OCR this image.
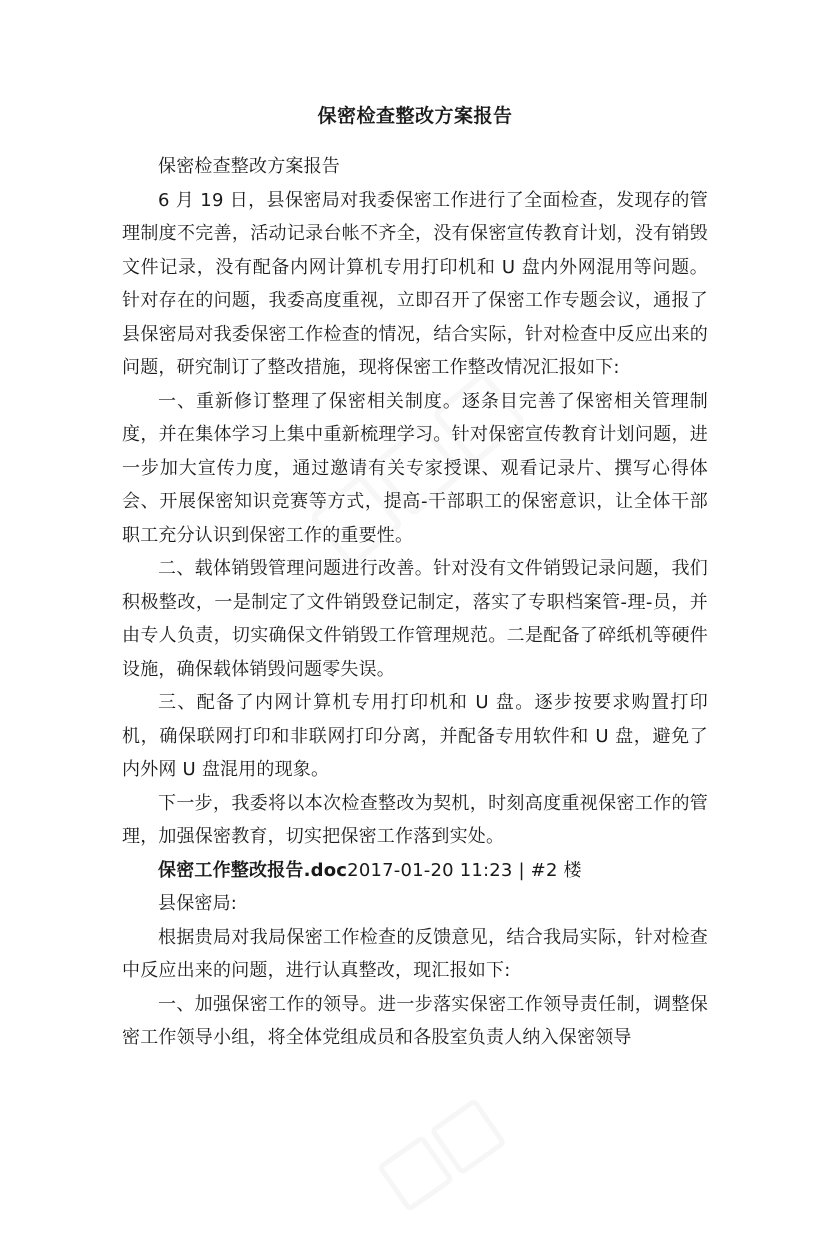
保密检查整改方案报告

保密检查整改方案报告

6 月 19 日，县保密局对我委保密工作进行了全面检查，发现存的管理制度不完善，活动记录台帐不齐全，没有保密宣传教育计划，没有销毁文件记录，没有配备内网计算机专用打印机和 U 盘内外网混用等问题。针对存在的问题，我委高度重视，立即召开了保密工作专题会议，通报了县保密局对我委保密工作检查的情况，结合实际，针对检查中反应出来的问题，研究制订了整改措施，现将保密工作整改情况汇报如下:

一、重新修订整理了保密相关制度。逐条目完善了保密相关管理制度，并在集体学习上集中重新梳理学习。针对保密宣传教育计划问题，进一步加大宣传力度，通过邀请有关专家授课、观看记录片、撰写心得体会、开展保密知识竞赛等方式，提高-干部职工的保密意识，让全体干部职工充分认识到保密工作的重要性。

二、载体销毁管理问题进行改善。针对没有文件销毁记录问题，我们积极整改，一是制定了文件销毁登记制定，落实了专职档案管-理-员，并由专人负责，切实确保文件销毁工作管理规范。二是配备了碎纸机等硬件设施，确保载体销毁问题零失误。

三、配备了内网计算机专用打印机和 U 盘。逐步按要求购置打印机，确保联网打印和非联网打印分离，并配备专用软件和 U 盘，避免了内外网 U 盘混用的现象。

下一步，我委将以本次检查整改为契机，时刻高度重视保密工作的管理，加强保密教育，切实把保密工作落到实处。

保密工作整改报告.doc2017-01-20 11:23 | #2 楼

县保密局:

根据贵局对我局保密工作检查的反馈意见，结合我局实际，针对检查中反应出来的问题，进行认真整改，现汇报如下:

一、加强保密工作的领导。进一步落实保密工作领导责任制，调整保密工作领导小组，将全体党组成员和各股室负责人纳入保密领导
